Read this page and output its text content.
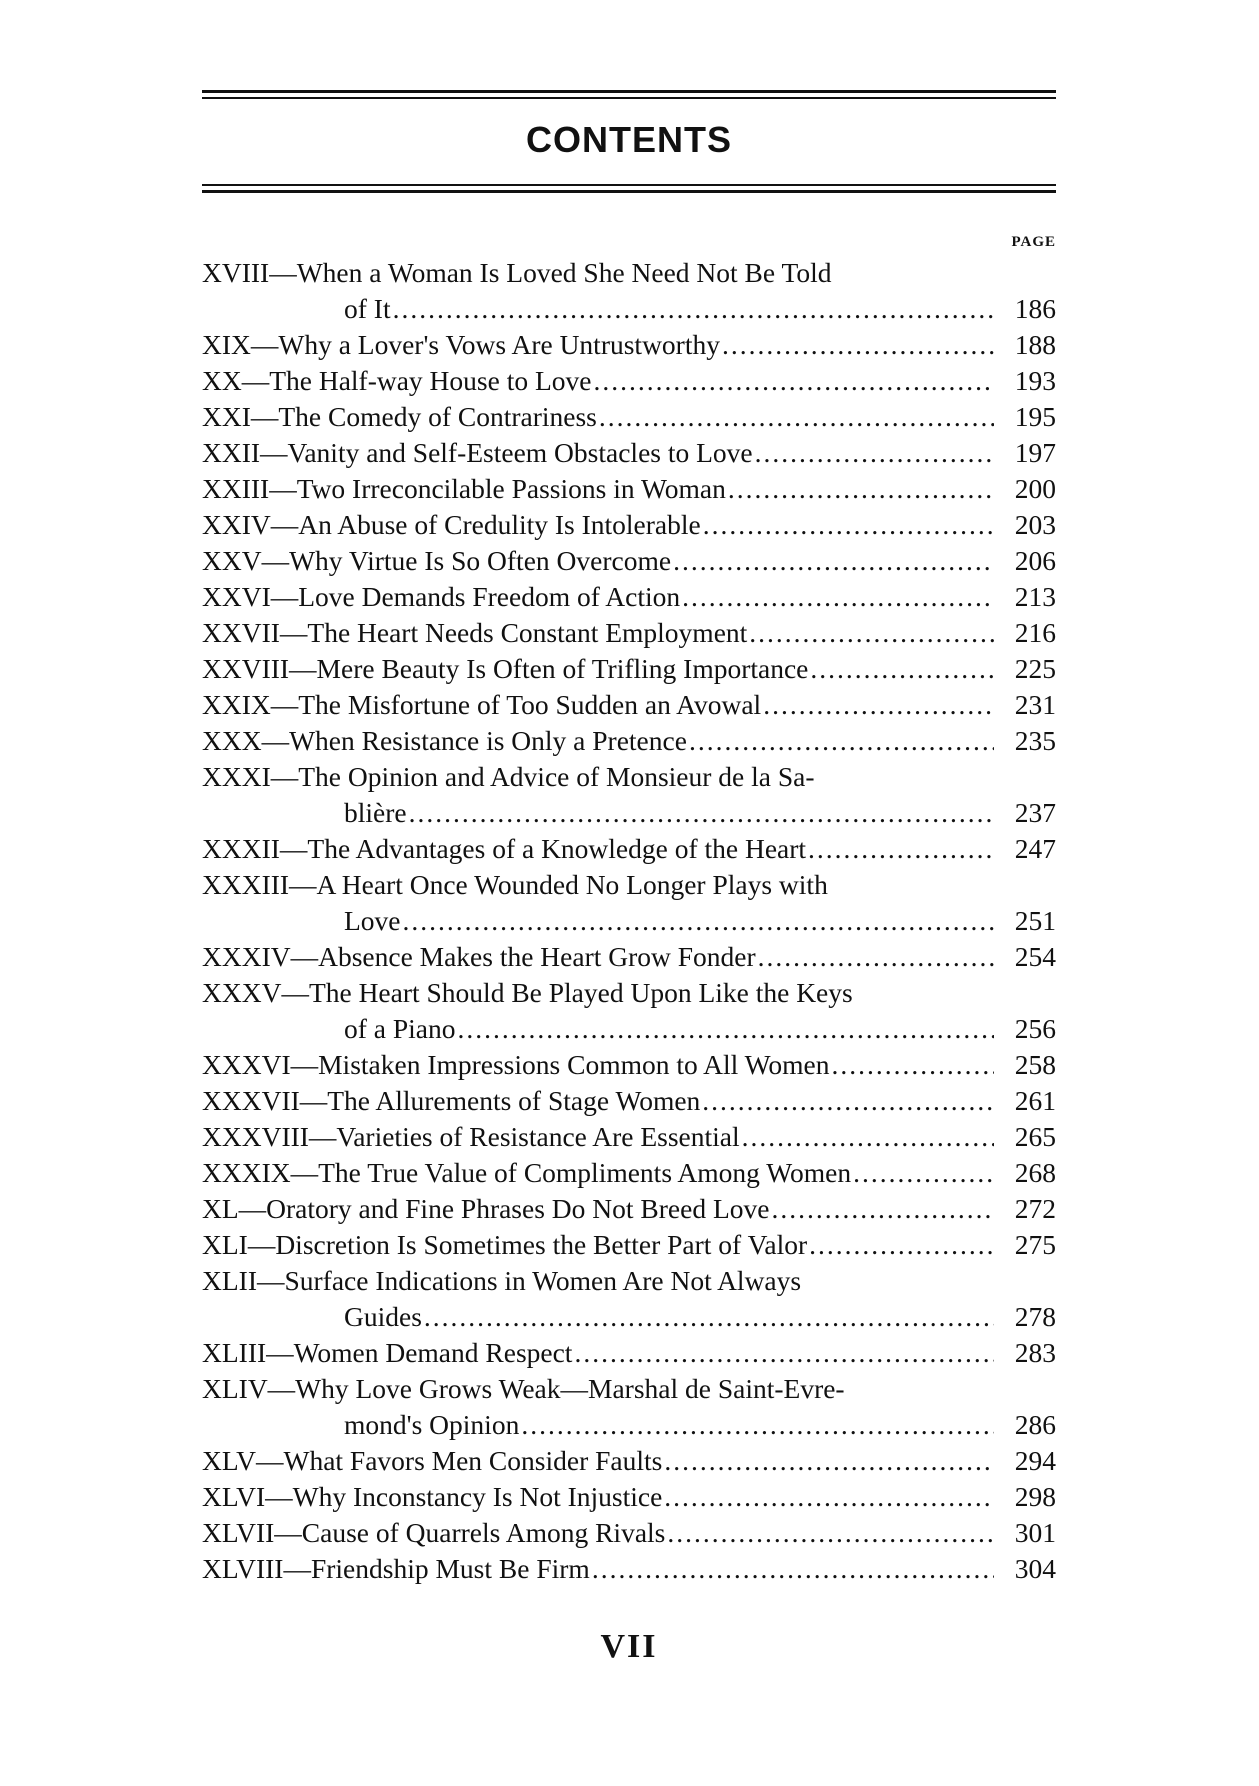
CONTENTS
PAGE
XVIII—When a Woman Is Loved She Need Not Be Told
of It .....	186
XIX—Why a Lover's Vows Are Untrustworthy .....	188
XX—The Half-way House to Love .....	193
XXI—The Comedy of Contrariness .....	195
XXII—Vanity and Self-Esteem Obstacles to Love .....	197
XXIII—Two Irreconcilable Passions in Woman .....	200
XXIV—An Abuse of Credulity Is Intolerable .....	203
XXV—Why Virtue Is So Often Overcome .....	206
XXVI—Love Demands Freedom of Action .....	213
XXVII—The Heart Needs Constant Employment .....	216
XXVIII—Mere Beauty Is Often of Trifling Importance .....	225
XXIX—The Misfortune of Too Sudden an Avowal .....	231
XXX—When Resistance is Only a Pretence .....	235
XXXI—The Opinion and Advice of Monsieur de la Sa-
blière .....	237
XXXII—The Advantages of a Knowledge of the Heart .....	247
XXXIII—A Heart Once Wounded No Longer Plays with
Love .....	251
XXXIV—Absence Makes the Heart Grow Fonder .....	254
XXXV—The Heart Should Be Played Upon Like the Keys
of a Piano .....	256
XXXVI—Mistaken Impressions Common to All Women .....	258
XXXVII—The Allurements of Stage Women .....	261
XXXVIII—Varieties of Resistance Are Essential .....	265
XXXIX—The True Value of Compliments Among Women .....	268
XL—Oratory and Fine Phrases Do Not Breed Love .....	272
XLI—Discretion Is Sometimes the Better Part of Valor .....	275
XLII—Surface Indications in Women Are Not Always
Guides .....	278
XLIII—Women Demand Respect .....	283
XLIV—Why Love Grows Weak—Marshal de Saint-Evre-
mond's Opinion .....	286
XLV—What Favors Men Consider Faults .....	294
XLVI—Why Inconstancy Is Not Injustice .....	298
XLVII—Cause of Quarrels Among Rivals .....	301
XLVIII—Friendship Must Be Firm .....	304
VII
